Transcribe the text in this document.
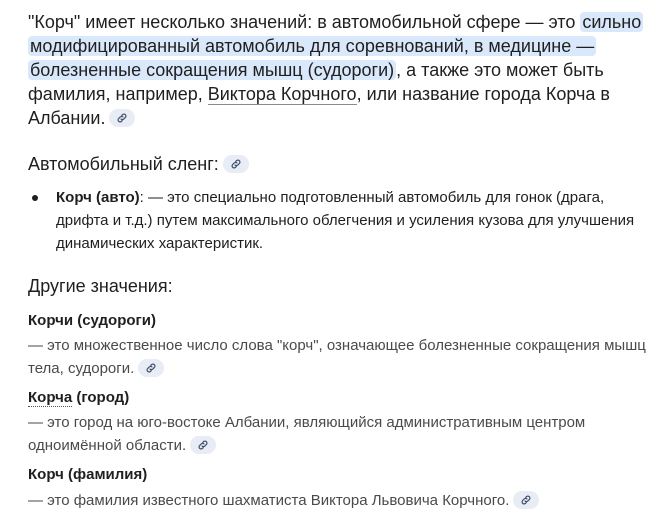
"Корч" имеет несколько значений: в автомобильной сфере — это сильно модифицированный автомобиль для соревнований, в медицине — болезненные сокращения мышц (судороги) , а также это может быть фамилия, например, Виктора Корчного, или название города Корча в Албании.
Автомобильный сленг:
Корч (авто): — это специально подготовленный автомобиль для гонок (драга, дрифта и т.д.) путем максимального облегчения и усиления кузова для улучшения динамических характеристик.
Другие значения:
Корчи (судороги)
— это множественное число слова "корч", означающее болезненные сокращения мышц тела, судороги.
Корча (город)
— это город на юго-востоке Албании, являющийся административным центром одноимённой области.
Корч (фамилия)
— это фамилия известного шахматиста Виктора Львовича Корчного.
